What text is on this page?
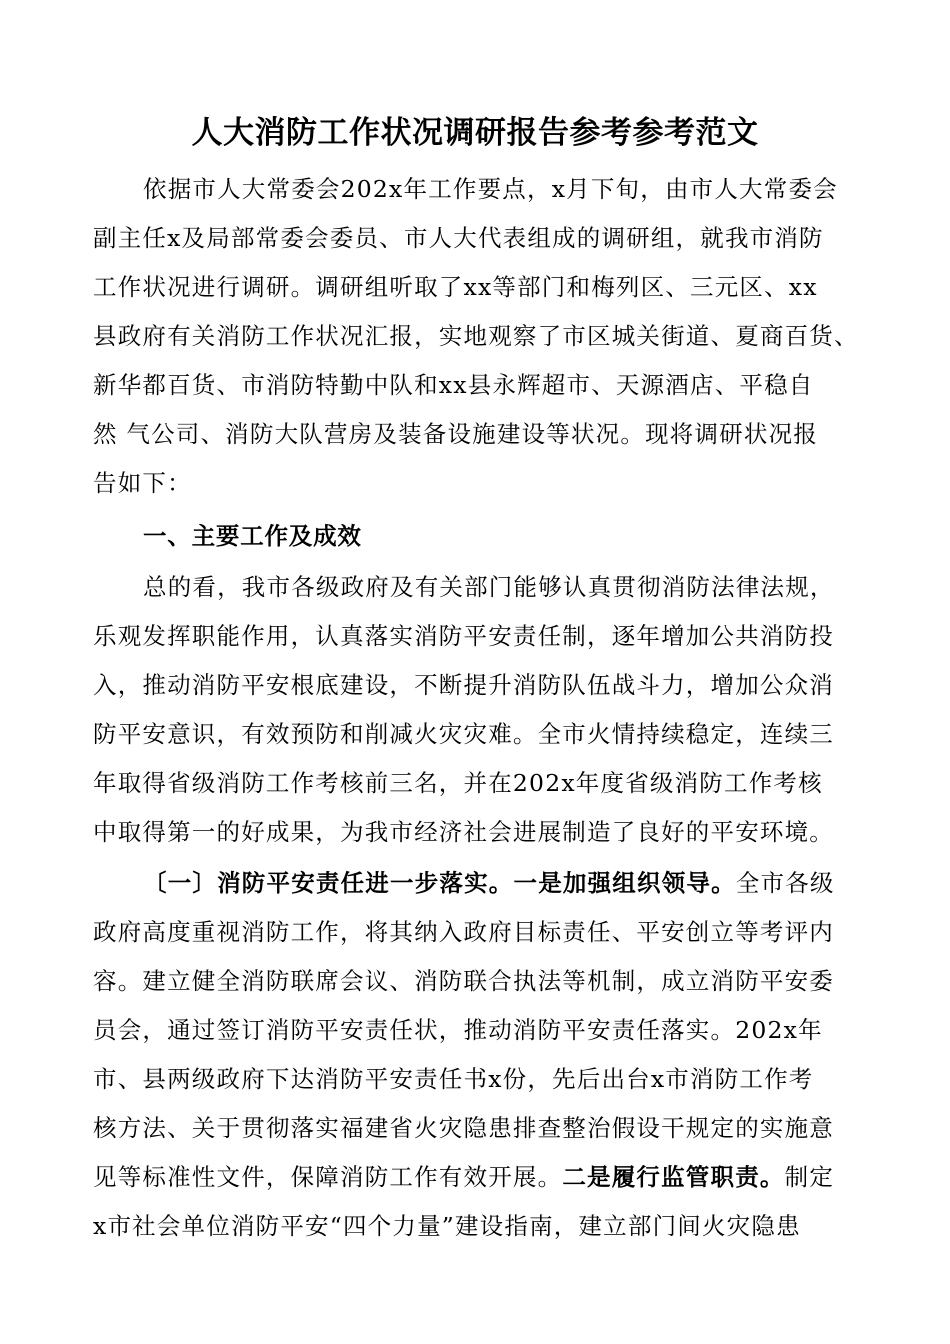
人大消防工作状况调研报告参考参考范文
依据市人大常委会202x年工作要点，x月下旬，由市人大常委会
副主任x及局部常委会委员、市人大代表组成的调研组，就我市消防
工作状况进行调研。调研组听取了xx等部门和梅列区、三元区、xx
县政府有关消防工作状况汇报，实地观察了市区城关街道、夏商百货、
新华都百货、市消防特勤中队和xx县永辉超市、天源酒店、平稳自
然 气公司、消防大队营房及装备设施建设等状况。现将调研状况报
告如下：
一、主要工作及成效
总的看，我市各级政府及有关部门能够认真贯彻消防法律法规，
乐观发挥职能作用，认真落实消防平安责任制，逐年增加公共消防投
入，推动消防平安根底建设，不断提升消防队伍战斗力，增加公众消
防平安意识，有效预防和削减火灾灾难。全市火情持续稳定，连续三
年取得省级消防工作考核前三名，并在202x年度省级消防工作考核
中取得第一的好成果，为我市经济社会进展制造了良好的平安环境。
〔一〕消防平安责任进一步落实。一是加强组织领导。全市各级
政府高度重视消防工作，将其纳入政府目标责任、平安创立等考评内
容。建立健全消防联席会议、消防联合执法等机制，成立消防平安委
员会，通过签订消防平安责任状，推动消防平安责任落实。202x年
市、县两级政府下达消防平安责任书x份，先后出台x市消防工作考
核方法、关于贯彻落实福建省火灾隐患排查整治假设干规定的实施意
见等标准性文件，保障消防工作有效开展。二是履行监管职责。制定
x市社会单位消防平安“四个力量”建设指南，建立部门间火灾隐患
